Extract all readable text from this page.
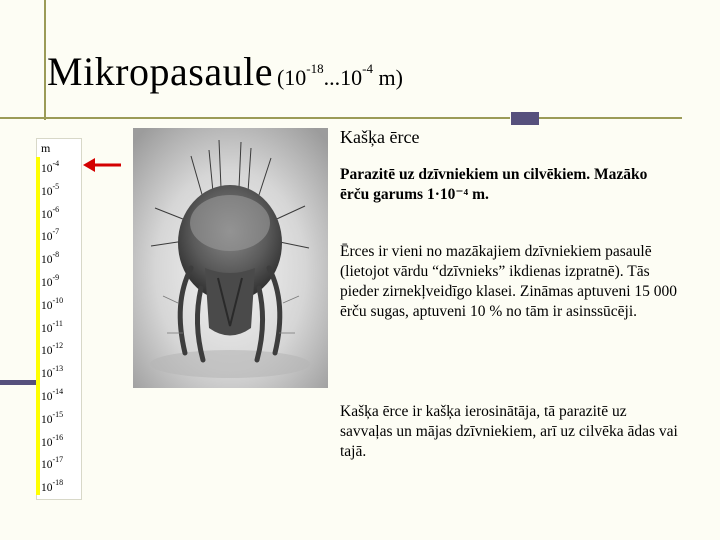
Mikropasaule ($10^{-18}...10^{-4}$ m)
m
$10^{-4}$
$10^{-5}$
$10^{-6}$
$10^{-7}$
$10^{-8}$
$10^{-9}$
$10^{-10}$
$10^{-11}$
$10^{-12}$
$10^{-13}$
$10^{-14}$
$10^{-15}$
$10^{-16}$
$10^{-17}$
$10^{-18}$
Kašķa ērce
Parazitē uz dzīvniekiem un cilvēkiem. Mazāko ērču garums 1·10⁻⁴ m.
Ērces ir vieni no mazākajiem dzīvniekiem pasaulē (lietojot vārdu “dzīvnieks” ikdienas izpratnē). Tās pieder zirnekļveidīgo klasei. Zināmas aptuveni 15 000 ērču sugas, aptuveni 10 % no tām ir asinssūcēji.
Kašķa ērce ir kašķa ierosinātāja, tā parazitē uz savvaļas un mājas dzīvniekiem, arī uz cilvēka ādas vai tajā.
